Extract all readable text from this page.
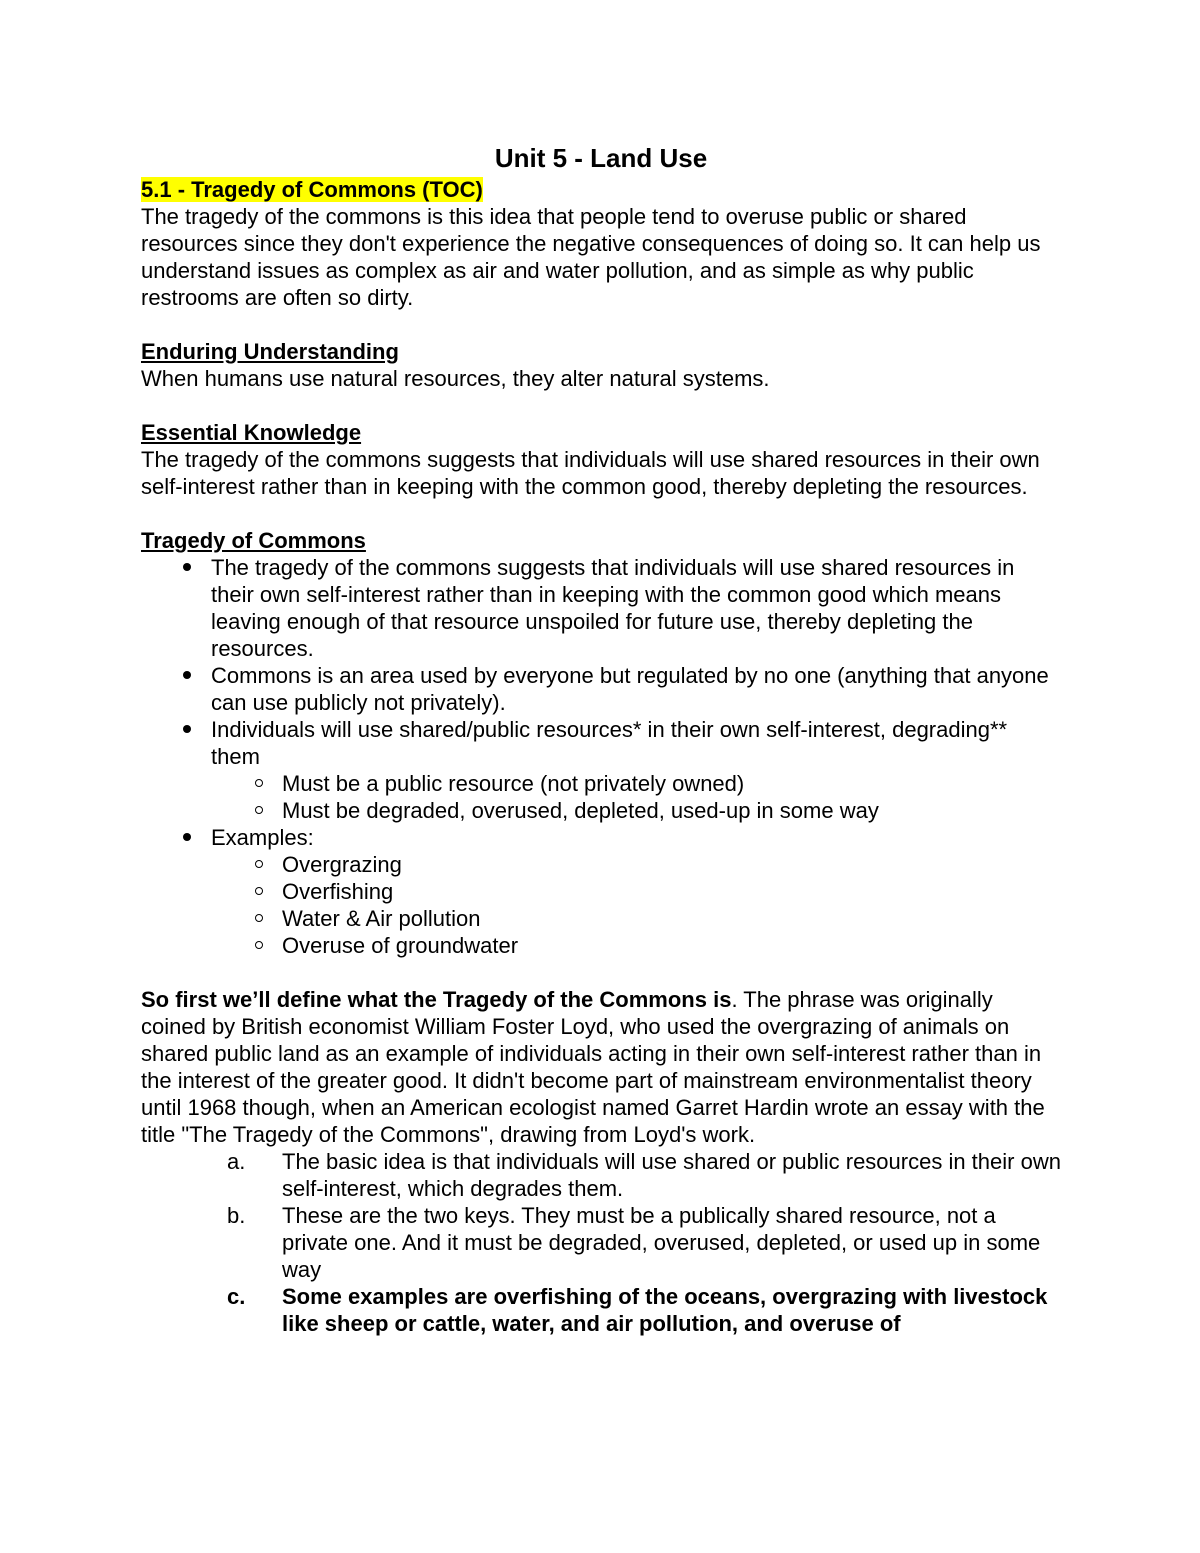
Unit 5 - Land Use

5.1 - Tragedy of Commons (TOC)

The tragedy of the commons is this idea that people tend to overuse public or shared resources since they don't experience the negative consequences of doing so. It can help us understand issues as complex as air and water pollution, and as simple as why public restrooms are often so dirty.

Enduring Understanding

When humans use natural resources, they alter natural systems.

Essential Knowledge

The tragedy of the commons suggests that individuals will use shared resources in their own self-interest rather than in keeping with the common good, thereby depleting the resources.

Tragedy of Commons

The tragedy of the commons suggests that individuals will use shared resources in their own self-interest rather than in keeping with the common good which means leaving enough of that resource unspoiled for future use, thereby depleting the resources.
Commons is an area used by everyone but regulated by no one (anything that anyone can use publicly not privately).
Individuals will use shared/public resources* in their own self-interest, degrading** them
Must be a public resource (not privately owned)
Must be degraded, overused, depleted, used-up in some way
Examples:
Overgrazing
Overfishing
Water & Air pollution
Overuse of groundwater

So first we’ll define what the Tragedy of the Commons is. The phrase was originally coined by British economist William Foster Loyd, who used the overgrazing of animals on shared public land as an example of individuals acting in their own self-interest rather than in the interest of the greater good. It didn't become part of mainstream environmentalist theory until 1968 though, when an American ecologist named Garret Hardin wrote an essay with the title "The Tragedy of the Commons", drawing from Loyd's work.

a. The basic idea is that individuals will use shared or public resources in their own self-interest, which degrades them.
b. These are the two keys. They must be a publically shared resource, not a private one. And it must be degraded, overused, depleted, or used up in some way
c. Some examples are overfishing of the oceans, overgrazing with livestock like sheep or cattle, water, and air pollution, and overuse of
